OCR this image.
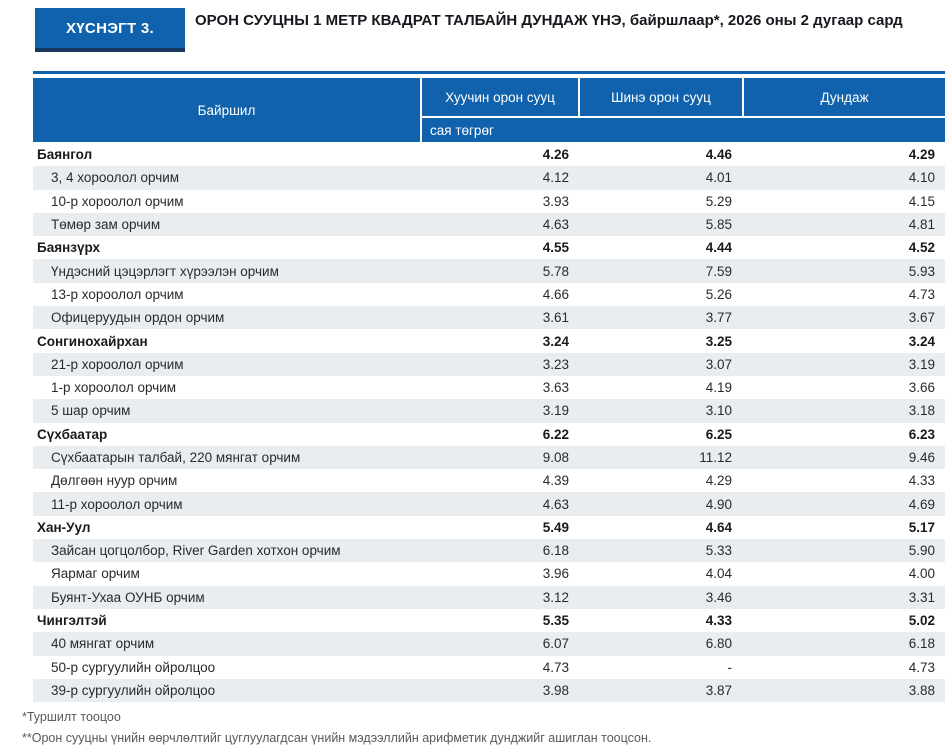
ХҮСНЭГТ 3.	ОРОН СУУЦНЫ 1 МЕТР КВАДРАТ ТАЛБАЙН ДУНДАЖ ҮНЭ, байршлаар*, 2026 оны 2 дугаар сард
Байршил
Хуучин орон сууц	Шинэ орон сууц	Дундаж
сая төгрөг
Баянгол	4.26	4.46	4.29
3, 4 хороолол орчим	4.12	4.01	4.10
10-р хороолол орчим	3.93	5.29	4.15
Төмөр зам орчим	4.63	5.85	4.81
Баянзүрх	4.55	4.44	4.52
Үндэсний цэцэрлэгт хүрээлэн орчим	5.78	7.59	5.93
13-р хороолол орчим	4.66	5.26	4.73
Офицеруудын ордон орчим	3.61	3.77	3.67
Сонгинохайрхан	3.24	3.25	3.24
21-р хороолол орчим	3.23	3.07	3.19
1-р хороолол орчим	3.63	4.19	3.66
5 шар орчим	3.19	3.10	3.18
Сүхбаатар	6.22	6.25	6.23
Сүхбаатарын талбай, 220 мянгат орчим	9.08	11.12	9.46
Дөлгөөн нуур орчим	4.39	4.29	4.33
11-р хороолол орчим	4.63	4.90	4.69
Хан-Уул	5.49	4.64	5.17
Зайсан цогцолбор, River Garden хотхон орчим	6.18	5.33	5.90
Яармаг орчим	3.96	4.04	4.00
Буянт-Ухаа ОУНБ орчим	3.12	3.46	3.31
Чингэлтэй	5.35	4.33	5.02
40 мянгат орчим	6.07	6.80	6.18
50-р сургуулийн ойролцоо	4.73	-	4.73
39-р сургуулийн ойролцоо	3.98	3.87	3.88
*Туршилт тооцоо
**Орон сууцны үнийн өөрчлөлтийг цуглуулагдсан үнийн мэдээллийн арифметик дунджийг ашиглан тооцсон.
